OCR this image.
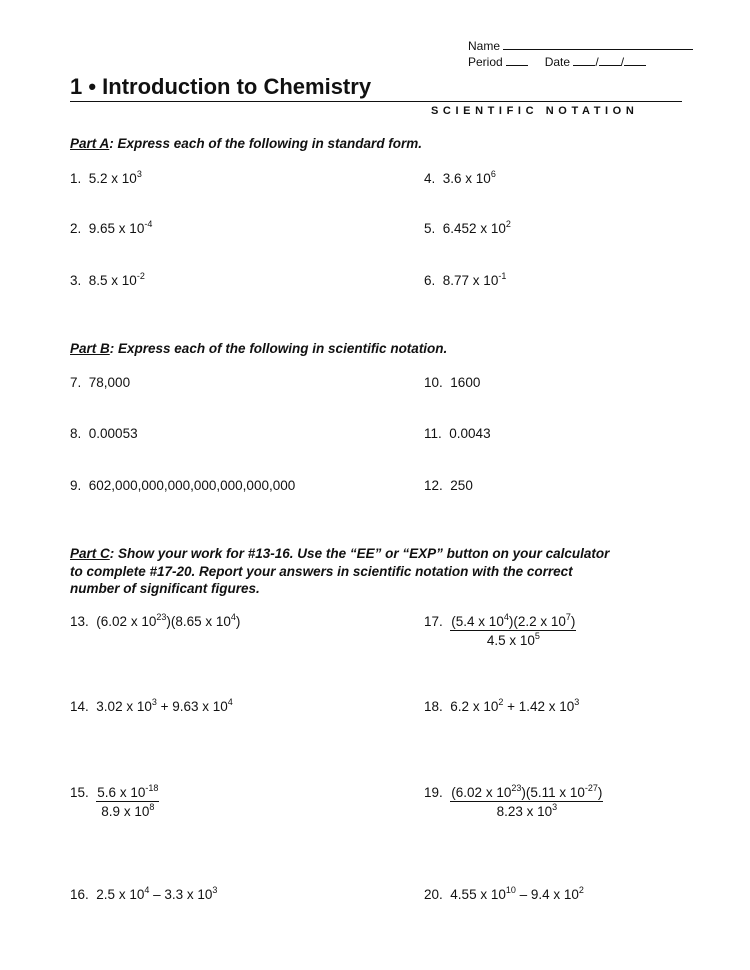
Name
Period	Date / /
1 • Introduction to Chemistry
SCIENTIFIC NOTATION
Part A: Express each of the following in standard form.
1. 5.2 x $10^3$
2. 9.65 x $10^{-4}$
3. 8.5 x $10^{-2}$
4. 3.6 x $10^6$
5. 6.452 x $10^2$
6. 8.77 x $10^{-1}$
Part B: Express each of the following in scientific notation.
7. 78,000
8. 0.00053
9. 602,000,000,000,000,000,000,000
10. 1600
11. 0.0043
12. 250
Part C: Show your work for #13-16. Use the “EE” or “EXP” button on your calculator
to complete #17-20. Report your answers in scientific notation with the correct
number of significant figures.
13. (6.02 x $10^{23})(8.65$ x $10^4$)
14. 3.02 x $10^3 + 9.63$ x $10^4$
15. $\frac{5.6 x 10^{-18}}{8.9 x 10^8}$
16. 2.5 x $10^4 - 3.3$ x $10^3$
17. $\frac{(5.4 x 10^4)(2.2 x 10^7)}{4.5 x 10^5}$
18. 6.2 x $10^2 + 1.42$ x $10^3$
19. $\frac{(6.02 x 10^{23})(5.11 x 10^{-27})}{8.23 x 10^3}$
20. 4.55 x $10^{10} - 9.4$ x $10^2$
